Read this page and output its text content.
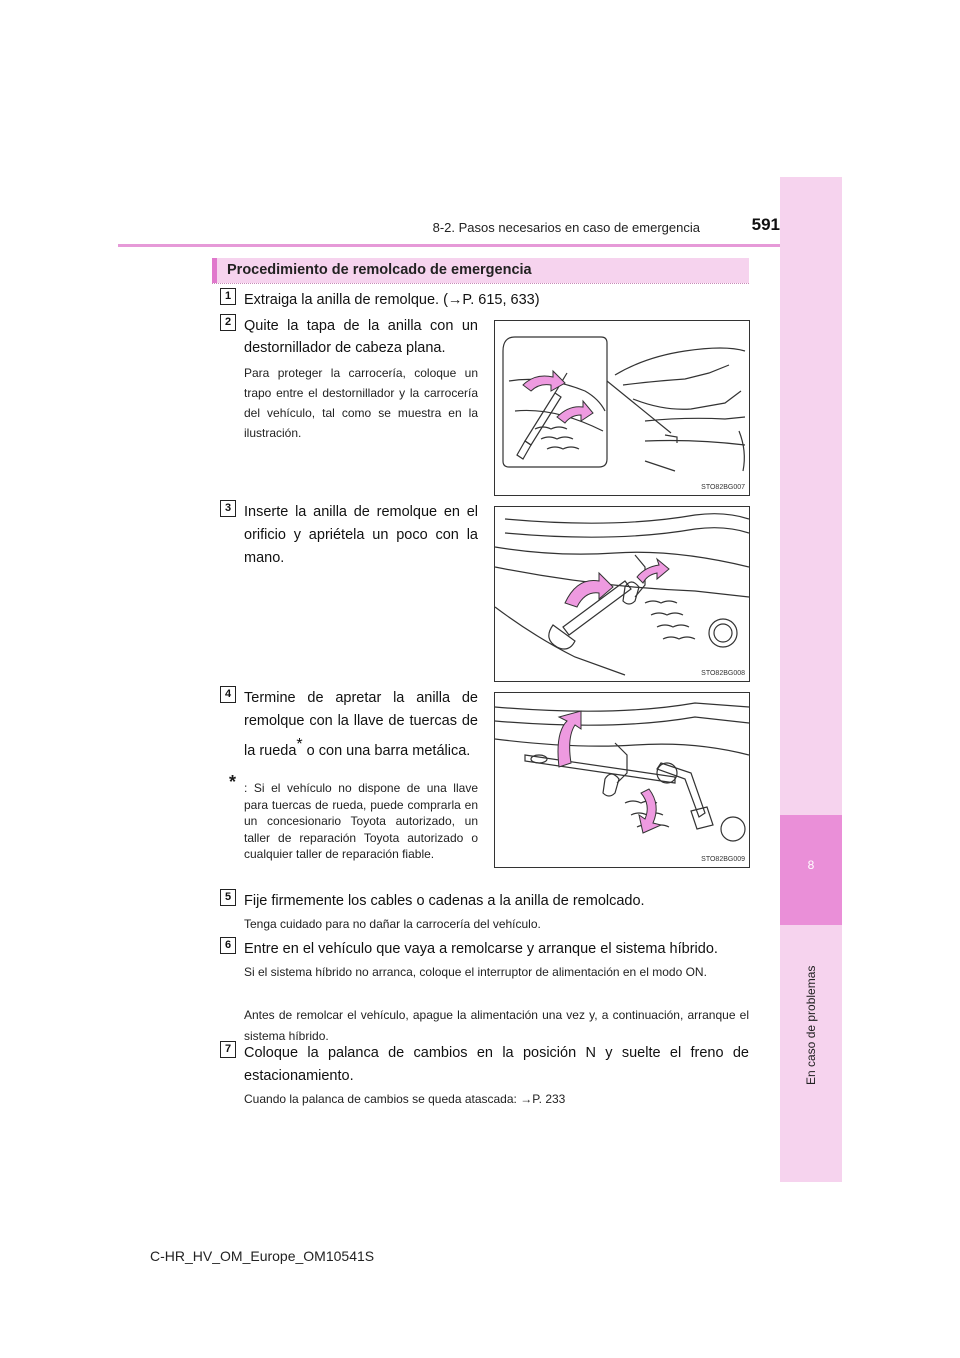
8-2. Pasos necesarios en caso de emergencia	591
8
En caso de problemas
Procedimiento de remolcado de emergencia
1 Extraiga la anilla de remolque. (→P. 615, 633)
2 Quite la tapa de la anilla con un destornillador de cabeza plana.
Para proteger la carrocería, coloque un trapo entre el destornillador y la carrocería del vehículo, tal como se muestra en la ilustración.
STO82BG007
3 Inserte la anilla de remolque en el orificio y apriétela un poco con la mano.
STO82BG008
4 Termine de apretar la anilla de remolque con la llave de tuercas de la rueda* o con una barra metálica.
* : Si el vehículo no dispone de una llave para tuercas de rueda, puede comprarla en un concesionario Toyota autorizado, un taller de reparación Toyota autorizado o cualquier taller de reparación fiable.	STO82BG009
5 Fije firmemente los cables o cadenas a la anilla de remolcado.
Tenga cuidado para no dañar la carrocería del vehículo.
6 Entre en el vehículo que vaya a remolcarse y arranque el sistema híbrido.
Si el sistema híbrido no arranca, coloque el interruptor de alimentación en el modo ON.
Antes de remolcar el vehículo, apague la alimentación una vez y, a continuación, arranque el sistema híbrido.
7 Coloque la palanca de cambios en la posición N y suelte el freno de estacionamiento.
Cuando la palanca de cambios se queda atascada: →P. 233
C-HR_HV_OM_Europe_OM10541S
